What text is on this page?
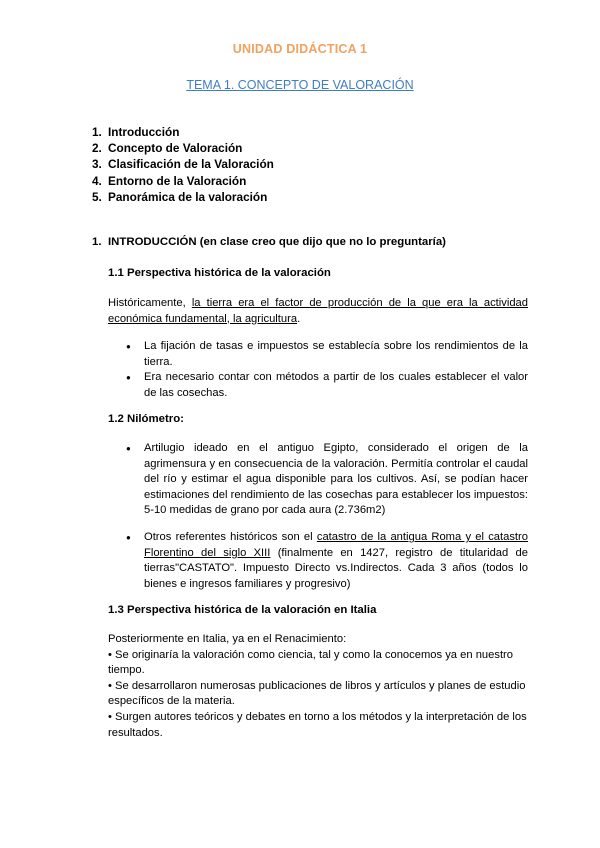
UNIDAD DIDÁCTICA 1
TEMA 1. CONCEPTO DE VALORACIÓN
1. Introducción
2. Concepto de Valoración
3. Clasificación de la Valoración
4. Entorno de la Valoración
5. Panorámica de la valoración
1. INTRODUCCIÓN (en clase creo que dijo que no lo preguntaría)
1.1 Perspectiva histórica de la valoración
Históricamente, la tierra era el factor de producción de la que era la actividad económica fundamental, la agricultura.
● La fijación de tasas e impuestos se establecía sobre los rendimientos de la tierra.
● Era necesario contar con métodos a partir de los cuales establecer el valor de las cosechas.
1.2 Nilómetro:
● Artilugio ideado en el antiguo Egipto, considerado el origen de la agrimensura y en consecuencia de la valoración. Permitía controlar el caudal del río y estimar el agua disponible para los cultivos. Así, se podían hacer estimaciones del rendimiento de las cosechas para establecer los impuestos: 5-10 medidas de grano por cada aura (2.736m2)
● Otros referentes históricos son el catastro de la antigua Roma y el catastro Florentino del siglo XIII (finalmente en 1427, registro de titularidad de tierras"CASTATO". Impuesto Directo vs.Indirectos. Cada 3 años (todos lo bienes e ingresos familiares y progresivo)
1.3 Perspectiva histórica de la valoración en Italia

Posteriormente en Italia, ya en el Renacimiento:

• Se originaría la valoración como ciencia, tal y como la conocemos ya en nuestro tiempo.

• Se desarrollaron numerosas publicaciones de libros y artículos y planes de estudio específicos de la materia.

• Surgen autores teóricos y debates en torno a los métodos y la interpretación de los resultados.
